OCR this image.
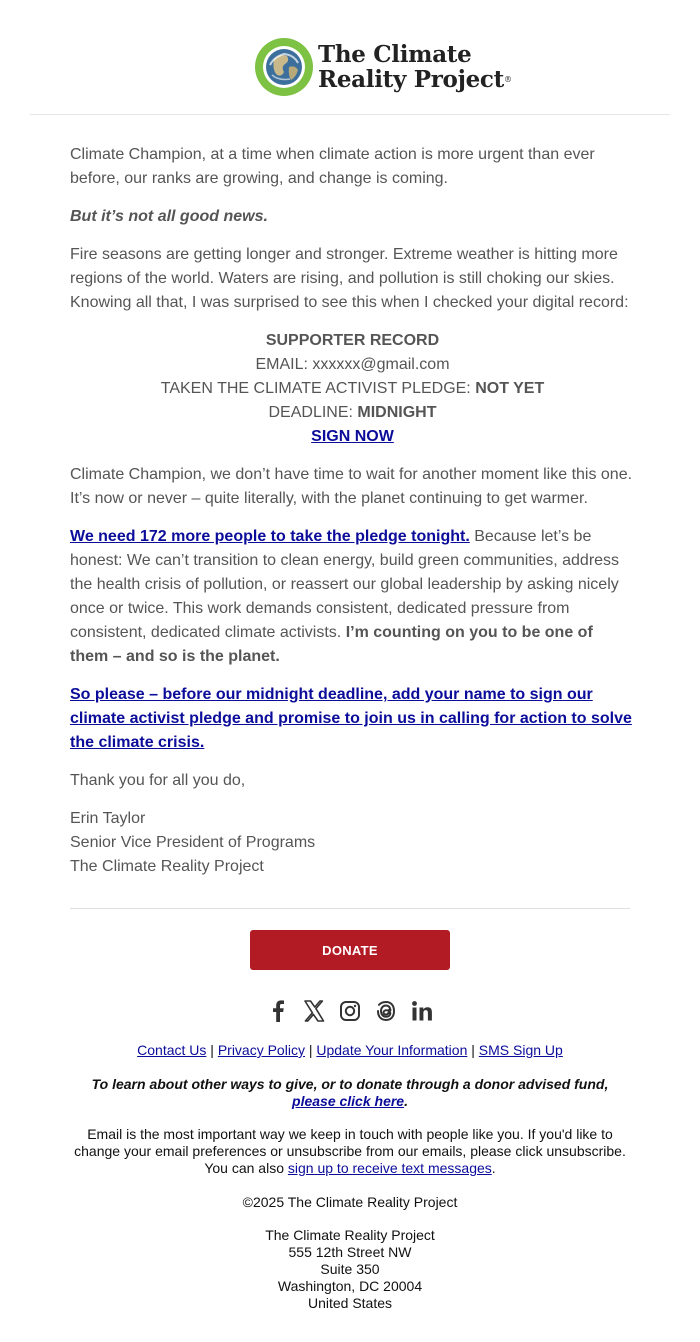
The Climate
Reality Project®

Climate Champion, at a time when climate action is more urgent than ever before, our ranks are growing, and change is coming.

But it’s not all good news.

Fire seasons are getting longer and stronger. Extreme weather is hitting more regions of the world. Waters are rising, and pollution is still choking our skies. Knowing all that, I was surprised to see this when I checked your digital record:

SUPPORTER RECORD
EMAIL: xxxxxx@gmail.com
TAKEN THE CLIMATE ACTIVIST PLEDGE: NOT YET
DEADLINE: MIDNIGHT
SIGN NOW

Climate Champion, we don’t have time to wait for another moment like this one. It’s now or never – quite literally, with the planet continuing to get warmer.

We need 172 more people to take the pledge tonight. Because let’s be honest: We can’t transition to clean energy, build green communities, address the health crisis of pollution, or reassert our global leadership by asking nicely once or twice. This work demands consistent, dedicated pressure from consistent, dedicated climate activists. I’m counting on you to be one of them – and so is the planet.

So please – before our midnight deadline, add your name to sign our climate activist pledge and promise to join us in calling for action to solve the climate crisis.

Thank you for all you do,

Erin Taylor
Senior Vice President of Programs
The Climate Reality Project
DONATE
Contact Us | Privacy Policy | Update Your Information | SMS Sign Up
To learn about other ways to give, or to donate through a donor advised fund, please click here.
Email is the most important way we keep in touch with people like you. If you'd like to change your email preferences or unsubscribe from our emails, please click unsubscribe. You can also sign up to receive text messages.
©2025 The Climate Reality Project
The Climate Reality Project
555 12th Street NW
Suite 350
Washington, DC 20004
United States
